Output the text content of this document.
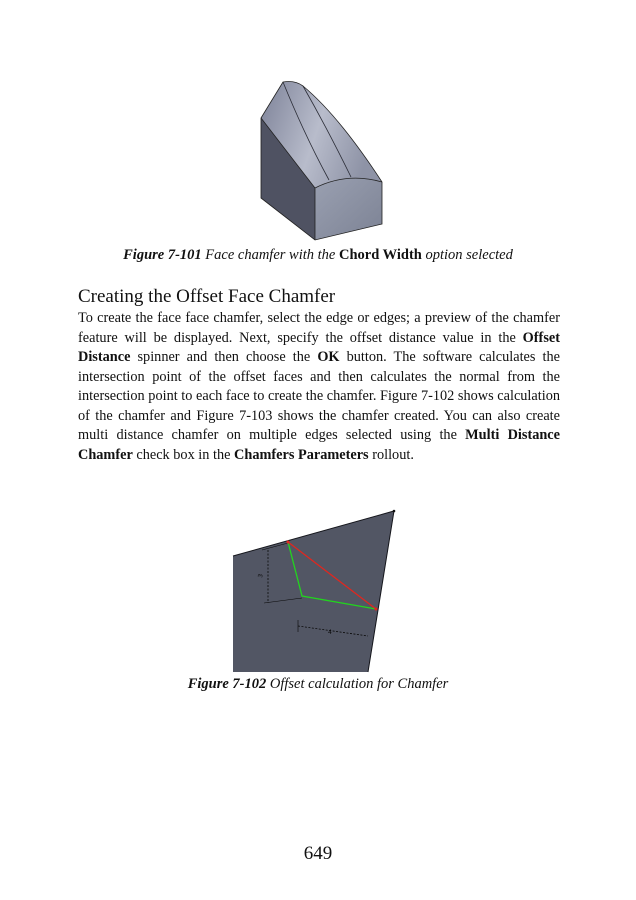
Figure 7-101 Face chamfer with the Chord Width option selected
Creating the Offset Face Chamfer

To create the face face chamfer, select the edge or edges; a preview of the chamfer feature will be displayed. Next, specify the offset distance value in the Offset Distance spinner and then choose the OK button. The software calculates the intersection point of the offset faces and then calculates the normal from the intersection point to each face to create the chamfer. Figure 7-102 shows calculation of the chamfer and Figure 7-103 shows the chamfer created. You can also create multi distance chamfer on multiple edges selected using the Multi Distance Chamfer check box in the Chamfers Parameters rollout.

3
4
Figure 7-102 Offset calculation for Chamfer
649
